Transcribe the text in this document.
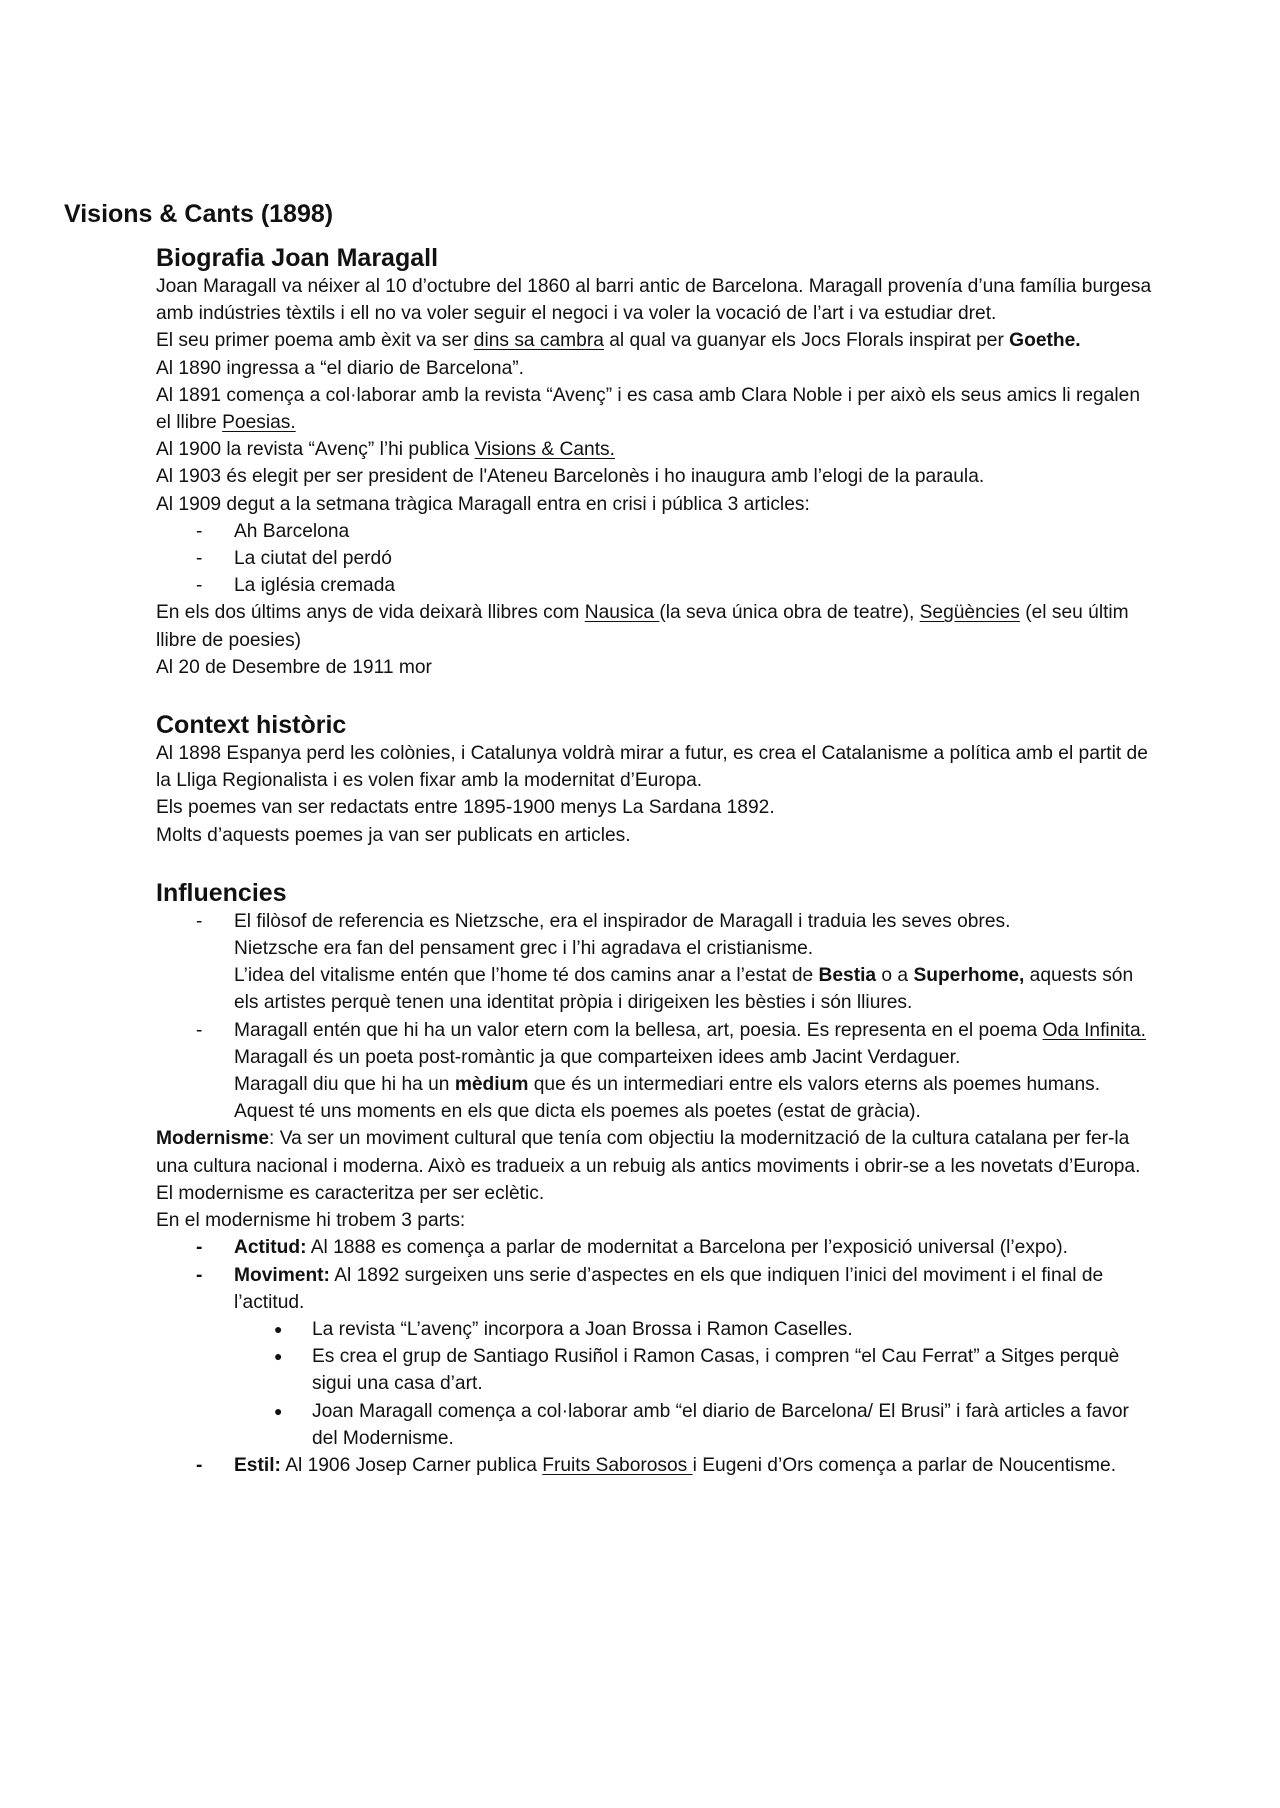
Visions & Cants (1898)
Biografia Joan Maragall

Joan Maragall va néixer al 10 d’octubre del 1860 al barri antic de Barcelona. Maragall provenía d’una família burgesa amb indústries tèxtils i ell no va voler seguir el negoci i va voler la vocació de l’art i va estudiar dret.

El seu primer poema amb èxit va ser dins sa cambra al qual va guanyar els Jocs Florals inspirat per Goethe.

Al 1890 ingressa a “el diario de Barcelona”.

Al 1891 comença a col·laborar amb la revista “Avenç” i es casa amb Clara Noble i per això els seus amics li regalen el llibre Poesias.

Al 1900 la revista “Avenç” l’hi publica Visions & Cants.

Al 1903 és elegit per ser president de l'Ateneu Barcelonès i ho inaugura amb l’elogi de la paraula.

Al 1909 degut a la setmana tràgica Maragall entra en crisi i pública 3 articles:

- Ah Barcelona
- La ciutat del perdó
- La iglésia cremada

En els dos últims anys de vida deixarà llibres com Nausica (la seva única obra de teatre), Següències (el seu últim llibre de poesies)

Al 20 de Desembre de 1911 mor

Context històric

Al 1898 Espanya perd les colònies, i Catalunya voldrà mirar a futur, es crea el Catalanisme a política amb el partit de la Lliga Regionalista i es volen fixar amb la modernitat d’Europa.

Els poemes van ser redactats entre 1895-1900 menys La Sardana 1892.

Molts d’aquests poemes ja van ser publicats en articles.

Influencies
- El filòsof de referencia es Nietzsche, era el inspirador de Maragall i traduia les seves obres.
Nietzsche era fan del pensament grec i l’hi agradava el cristianisme.
L’idea del vitalisme entén que l’home té dos camins anar a l’estat de Bestia o a Superhome, aquests són els artistes perquè tenen una identitat pròpia i dirigeixen les bèsties i són lliures.
- Maragall entén que hi ha un valor etern com la bellesa, art, poesia. Es representa en el poema Oda Infinita. Maragall és un poeta post-romàntic ja que comparteixen idees amb Jacint Verdaguer.
Maragall diu que hi ha un mèdium que és un intermediari entre els valors eterns als poemes humans. Aquest té uns moments en els que dicta els poemes als poetes (estat de gràcia).

Modernisme: Va ser un moviment cultural que tenía com objectiu la modernització de la cultura catalana per fer-la una cultura nacional i moderna. Això es tradueix a un rebuig als antics moviments i obrir-se a les novetats d’Europa. El modernisme es caracteritza per ser eclètic.

En el modernisme hi trobem 3 parts:

- Actitud: Al 1888 es comença a parlar de modernitat a Barcelona per l’exposició universal (l’expo).
- Moviment: Al 1892 surgeixen uns serie d’aspectes en els que indiquen l’inici del moviment i el final de l’actitud.
● La revista “L’avenç” incorpora a Joan Brossa i Ramon Caselles.
● Es crea el grup de Santiago Rusiñol i Ramon Casas, i compren “el Cau Ferrat” a Sitges perquè sigui una casa d’art.
● Joan Maragall comença a col·laborar amb “el diario de Barcelona/ El Brusi” i farà articles a favor del Modernisme.
- Estil: Al 1906 Josep Carner publica Fruits Saborosos i Eugeni d’Ors comença a parlar de Noucentisme.
